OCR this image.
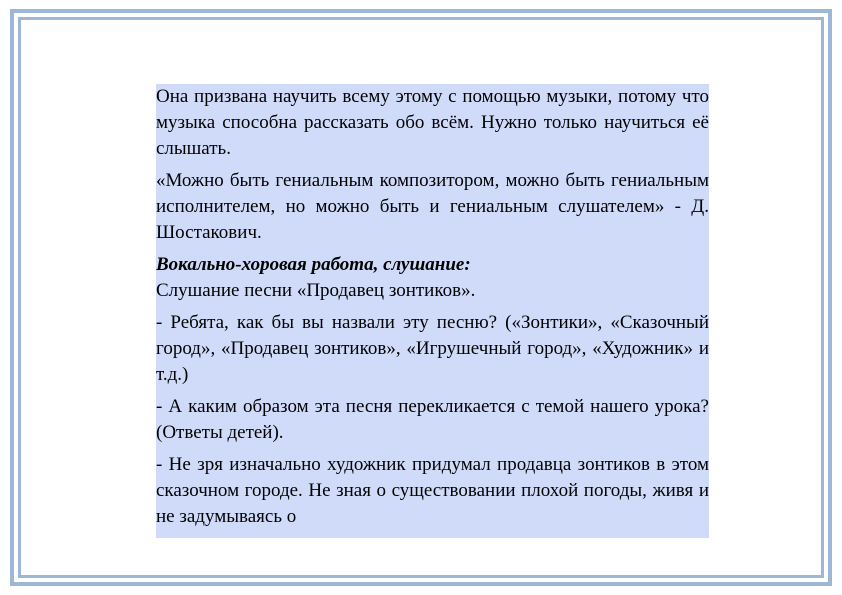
Она призвана научить всему этому с помощью музыки, потому что музыка способна рассказать обо всём. Нужно только научиться её слышать.

«Можно быть гениальным композитором, можно быть гениальным исполнителем, но можно быть и гениальным слушателем» - Д. Шостакович.

Вокально-хоровая работа, слушание:

Слушание песни «Продавец зонтиков».

- Ребята, как бы вы назвали эту песню? («Зонтики», «Сказочный город», «Продавец зонтиков», «Игрушечный город», «Художник» и т.д.)

- А каким образом эта песня перекликается с темой нашего урока? (Ответы детей).

- Не зря изначально художник придумал продавца зонтиков в этом сказочном городе. Не зная о существовании плохой погоды, живя и не задумываясь о
